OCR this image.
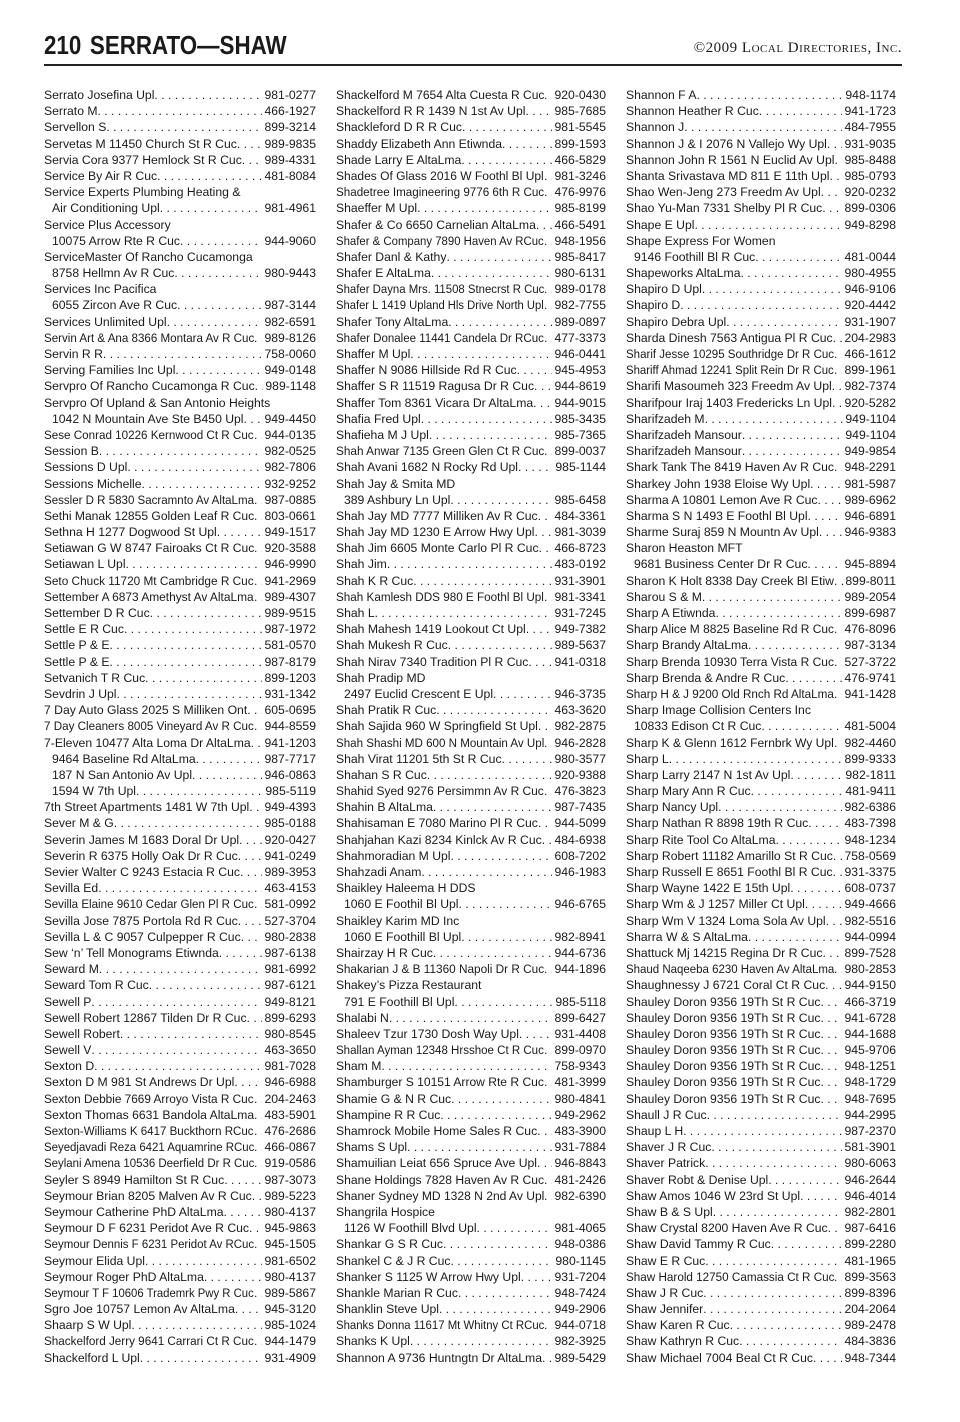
210 SERRATO—SHAW	©2009 Local Directories, Inc.
Serrato Josefina Upl . . .	981-0277
Serrato M . . .	466-1927
Servellon S . . .	899-3214
Servetas M 11450 Church St R Cuc . . . 989-9835
Servia Cora 9377 Hemlock St R Cuc . . . 989-4331
Service By Air R Cuc . . .	481-8084
Service Experts Plumbing Heating &
Air Conditioning Upl . . .	981-4961
Service Plus Accessory
10075 Arrow Rte R Cuc . . .	944-9060
ServiceMaster Of Rancho Cucamonga
8758 Hellmn Av R Cuc . . .	980-9443
Services Inc Pacifica
6055 Zircon Ave R Cuc . . .	987-3144
Services Unlimited Upl . . .	982-6591
Servin Art & Ana 8366 Montara Av R Cuc . . . 989-8126
Servin R R . . .	758-0060
Serving Families Inc Upl . . .	949-0148
Servpro Of Rancho Cucamonga R Cuc . . . 989-1148
Servpro Of Upland & San Antonio Heights
1042 N Mountain Ave Ste B450 Upl . . . 949-4450
Sese Conrad 10226 Kernwood Ct R Cuc . . . 944-0135
Session B . . .	982-0525
Sessions D Upl . . .	982-7806
Sessions Michelle . . .	932-9252
Sessler D R 5830 Sacramnto Av AltaLma . . . 987-0885
Sethi Manak 12855 Golden Leaf R Cuc . . . 803-0661
Sethna H 1277 Dogwood St Upl . . .	949-1517
Setiawan G W 8747 Fairoaks Ct R Cuc . . . 920-3588
Setiawan L Upl . . .	946-9990
Seto Chuck 11720 Mt Cambridge R Cuc . . . 941-2969
Settember A 6873 Amethyst Av AltaLma . . . 989-4307
Settember D R Cuc . . .	989-9515
Settle E R Cuc . . .	987-1972
Settle P & E . . .	581-0570
Settle P & E . . .	987-8179
Setvanich T R Cuc . . .	899-1203
Sevdrin J Upl . . .	931-1342
7 Day Auto Glass 2025 S Milliken Ont . . . 605-0695
7 Day Cleaners 8005 Vineyard Av R Cuc . . . 944-8559
7-Eleven 10477 Alta Loma Dr AltaLma . . . 941-1203
9464 Baseline Rd AltaLma . . .	987-7717
187 N San Antonio Av Upl . . .	946-0863
1594 W 7th Upl . . .	985-5119
7th Street Apartments 1481 W 7th Upl . . . 949-4393
Sever M & G . . .	985-0188
Severin James M 1683 Doral Dr Upl . . . 920-0427
Severin R 6375 Holly Oak Dr R Cuc . . . 941-0249
Sevier Walter C 9243 Estacia R Cuc . . . 989-3953
Sevilla Ed . . .	463-4153
Sevilla Elaine 9610 Cedar Glen Pl R Cuc . . . 581-0992
Sevilla Jose 7875 Portola Rd R Cuc . . . 527-3704
Sevilla L & C 9057 Culpepper R Cuc . . . 980-2838
Sew ‘n’ Tell Monograms Etiwnda . . .	987-6138
Seward M . . .	981-6992
Seward Tom R Cuc . . .	987-6121
Sewell P . . .	949-8121
Sewell Robert 12867 Tilden Dr R Cuc . . . 899-6293
Sewell Robert . . .	980-8545
Sewell V . . .	463-3650
Sexton D . . .	981-7028
Sexton D M 981 St Andrews Dr Upl . . . 946-6988
Sexton Debbie 7669 Arroyo Vista R Cuc . . . 204-2463
Sexton Thomas 6631 Bandola AltaLma . . . 483-5901
Sexton-Williams K 6417 Buckthorn RCuc . . . 476-2686
Seyedjavadi Reza 6421 Aquamrine RCuc . . . 466-0867
Seylani Amena 10536 Deerfield Dr R Cuc . . . 919-0586
Seyler S 8949 Hamilton St R Cuc . . .	987-3073
Seymour Brian 8205 Malven Av R Cuc . . . 989-5223
Seymour Catherine PhD AltaLma . . .	980-4137
Seymour D F 6231 Peridot Ave R Cuc . . . 945-9863
Seymour Dennis F 6231 Peridot Av RCuc . . . 945-1505
Seymour Elida Upl . . .	981-6502
Seymour Roger PhD AltaLma . . .	980-4137
Seymour T F 10606 Trademrk Pwy R Cuc . . . 989-5867
Sgro Joe 10757 Lemon Av AltaLma . . . 945-3120
Shaarp S W Upl . . .	985-1024
Shackelford Jerry 9641 Carrari Ct R Cuc . . . 944-1479
Shackelford L Upl . . .	931-4909
Shackelford M 7654 Alta Cuesta R Cuc . . . 920-0430
Shackelford R R 1439 N 1st Av Upl . . . 985-7685
Shackleford D R R Cuc . . .	981-5545
Shaddy Elizabeth Ann Etiwnda . . .	899-1593
Shade Larry E AltaLma . . .	466-5829
Shades Of Glass 2016 W Foothl Bl Upl . . . 981-3246
Shadetree Imagineering 9776 6th R Cuc . . . 476-9976
Shaeffer M Upl . . .	985-8199
Shafer & Co 6650 Carnelian AltaLma . . . 466-5491
Shafer & Company 7890 Haven Av RCuc . . . 948-1956
Shafer Danl & Kathy . . .	985-8417
Shafer E AltaLma . . .	980-6131
Shafer Dayna Mrs. 11508 Stnecrst R Cuc . . . 989-0178
Shafer L 1419 Upland Hls Drive North Upl . . . 982-7755
Shafer Tony AltaLma . . .	989-0897
Shafer Donalee 11441 Candela Dr RCuc . . . 477-3373
Shaffer M Upl . . .	946-0441
Shaffer N 9086 Hillside Rd R Cuc . . .	945-4953
Shaffer S R 11519 Ragusa Dr R Cuc . . . 944-8619
Shaffer Tom 8361 Vicara Dr AltaLma . . . 944-9015
Shafia Fred Upl . . .	985-3435
Shafieha M J Upl . . .	985-7365
Shah Anwar 7135 Green Glen Ct R Cuc . . . 899-0037
Shah Avani 1682 N Rocky Rd Upl . . .	985-1144
Shah Jay & Smita MD
389 Ashbury Ln Upl . . .	985-6458
Shah Jay MD 7777 Milliken Av R Cuc . . . 484-3361
Shah Jay MD 1230 E Arrow Hwy Upl . . . 981-3039
Shah Jim 6605 Monte Carlo Pl R Cuc . . . 466-8723
Shah Jim . . .	483-0192
Shah K R Cuc . . .	931-3901
Shah Kamlesh DDS 980 E Foothl Bl Upl . . . 981-3341
Shah L . . .	931-7245
Shah Mahesh 1419 Lookout Ct Upl . . . 949-7382
Shah Mukesh R Cuc . . .	989-5637
Shah Nirav 7340 Tradition Pl R Cuc . . . 941-0318
Shah Pradip MD
2497 Euclid Crescent E Upl . . .	946-3735
Shah Pratik R Cuc . . .	463-3620
Shah Sajida 960 W Springfield St Upl . . . 982-2875
Shah Shashi MD 600 N Mountain Av Upl . . . 946-2828
Shah Virat 11201 5th St R Cuc . . .	980-3577
Shahan S R Cuc . . .	920-9388
Shahid Syed 9276 Persimmn Av R Cuc . . . 476-3823
Shahin B AltaLma . . .	987-7435
Shahisaman E 7080 Marino Pl R Cuc . . . 944-5099
Shahjahan Kazi 8234 Kinlck Av R Cuc . . . 484-6938
Shahmoradian M Upl . . .	608-7202
Shahzadi Anam . . .	946-1983
Shaikley Haleema H DDS
1060 E Foothil Bl Upl . . .	946-6765
Shaikley Karim MD Inc
1060 E Foothill Bl Upl . . .	982-8941
Shairzay H R Cuc . . .	944-6736
Shakarian J & B 11360 Napoli Dr R Cuc . . . 944-1896
Shakey’s Pizza Restaurant
791 E Foothill Bl Upl . . .	985-5118
Shalabi N . . .	899-6427
Shaleev Tzur 1730 Dosh Way Upl . . .	931-4408
Shallan Ayman 12348 Hrsshoe Ct R Cuc . . . 899-0970
Sham M . . .	758-9343
Shamburger S 10151 Arrow Rte R Cuc . . . 481-3999
Shamie G & N R Cuc . . .	980-4841
Shampine R R Cuc . . .	949-2962
Shamrock Mobile Home Sales R Cuc . . . 483-3900
Shams S Upl . . .	931-7884
Shamuilian Leiat 656 Spruce Ave Upl . . . 946-8843
Shane Holdings 7828 Haven Av R Cuc . . . 481-2426
Shaner Sydney MD 1328 N 2nd Av Upl . . . 982-6390
Shangrila Hospice
1126 W Foothill Blvd Upl . . .	981-4065
Shankar G S R Cuc . . .	948-0386
Shankel C & J R Cuc . . .	980-1145
Shanker S 1125 W Arrow Hwy Upl . . .	931-7204
Shankle Marian R Cuc . . .	948-7424
Shanklin Steve Upl . . .	949-2906
Shanks Donna 11617 Mt Whitny Ct RCuc . . . 944-0718
Shanks K Upl . . .	982-3925
Shannon A 9736 Huntngtn Dr AltaLma . . . 989-5429
Shannon F A . . .	948-1174
Shannon Heather R Cuc . . .	941-1723
Shannon J . . .	484-7955
Shannon J & I 2076 N Vallejo Wy Upl . . . 931-9035
Shannon John R 1561 N Euclid Av Upl . . . 985-8488
Shanta Srivastava MD 811 E 11th Upl . . . 985-0793
Shao Wen-Jeng 273 Freedm Av Upl . . . 920-0232
Shao Yu-Man 7331 Shelby Pl R Cuc . . . 899-0306
Shape E Upl . . .	949-8298
Shape Express For Women
9146 Foothill Bl R Cuc . . .	481-0044
Shapeworks AltaLma . . .	980-4955
Shapiro D Upl . . .	946-9106
Shapiro D . . .	920-4442
Shapiro Debra Upl . . .	931-1907
Sharda Dinesh 7563 Antigua Pl R Cuc . . . 204-2983
Sharif Jesse 10295 Southridge Dr R Cuc . . . 466-1612
Shariff Ahmad 12241 Split Rein Dr R Cuc . . . 899-1961
Sharifi Masoumeh 323 Freedm Av Upl . . . 982-7374
Sharifpour Iraj 1403 Fredericks Ln Upl . . . 920-5282
Sharifzadeh M . . .	949-1104
Sharifzadeh Mansour . . .	949-1104
Sharifzadeh Mansour . . .	949-9854
Shark Tank The 8419 Haven Av R Cuc . . . 948-2291
Sharkey John 1938 Eloise Wy Upl . . .	981-5987
Sharma A 10801 Lemon Ave R Cuc . . . 989-6962
Sharma S N 1493 E Foothl Bl Upl . . .	946-6891
Sharme Suraj 859 N Mountn Av Upl . . . 946-9383
Sharon Heaston MFT
9681 Business Center Dr R Cuc . . .	945-8894
Sharon K Holt 8338 Day Creek Bl Etiw . . . 899-8011
Sharou S & M . . .	989-2054
Sharp A Etiwnda . . .	899-6987
Sharp Alice M 8825 Baseline Rd R Cuc . . . 476-8096
Sharp Brandy AltaLma . . .	987-3134
Sharp Brenda 10930 Terra Vista R Cuc . . . 527-3722
Sharp Brenda & Andre R Cuc . . .	476-9741
Sharp H & J 9200 Old Rnch Rd AltaLma . . . 941-1428
Sharp Image Collision Centers Inc
10833 Edison Ct R Cuc . . .	481-5004
Sharp K & Glenn 1612 Fernbrk Wy Upl . . . 982-4460
Sharp L . . .	899-9333
Sharp Larry 2147 N 1st Av Upl . . .	982-1811
Sharp Mary Ann R Cuc . . .	481-9411
Sharp Nancy Upl . . .	982-6386
Sharp Nathan R 8898 19th R Cuc . . .	483-7398
Sharp Rite Tool Co AltaLma . . .	948-1234
Sharp Robert 11182 Amarillo St R Cuc . . . 758-0569
Sharp Russell E 8651 Foothl Bl R Cuc . . . 931-3375
Sharp Wayne 1422 E 15th Upl . . .	608-0737
Sharp Wm & J 1257 Miller Ct Upl . . .	949-4666
Sharp Wm V 1324 Loma Sola Av Upl . . . 982-5516
Sharra W & S AltaLma . . .	944-0994
Shattuck Mj 14215 Regina Dr R Cuc . . . 899-7528
Shaud Naqeeba 6230 Haven Av AltaLma . . . 980-2853
Shaughnessy J 6721 Coral Ct R Cuc . . . 944-9150
Shauley Doron 9356 19Th St R Cuc . . . 466-3719
Shauley Doron 9356 19Th St R Cuc . . . 941-6728
Shauley Doron 9356 19Th St R Cuc . . . 944-1688
Shauley Doron 9356 19Th St R Cuc . . . 945-9706
Shauley Doron 9356 19Th St R Cuc . . . 948-1251
Shauley Doron 9356 19Th St R Cuc . . . 948-1729
Shauley Doron 9356 19Th St R Cuc . . . 948-7695
Shaull J R Cuc . . .	944-2995
Shaup L H . . .	987-2370
Shaver J R Cuc . . .	581-3901
Shaver Patrick . . .	980-6063
Shaver Robt & Denise Upl . . .	946-2644
Shaw Amos 1046 W 23rd St Upl . . .	946-4014
Shaw B & S Upl . . .	982-2801
Shaw Crystal 8200 Haven Ave R Cuc . . . 987-6416
Shaw David Tammy R Cuc . . .	899-2280
Shaw E R Cuc . . .	481-1965
Shaw Harold 12750 Camassia Ct R Cuc . . . 899-3563
Shaw J R Cuc . . .	899-8396
Shaw Jennifer . . .	204-2064
Shaw Karen R Cuc . . .	989-2478
Shaw Kathryn R Cuc . . .	484-3836
Shaw Michael 7004 Beal Ct R Cuc . . .	948-7344
